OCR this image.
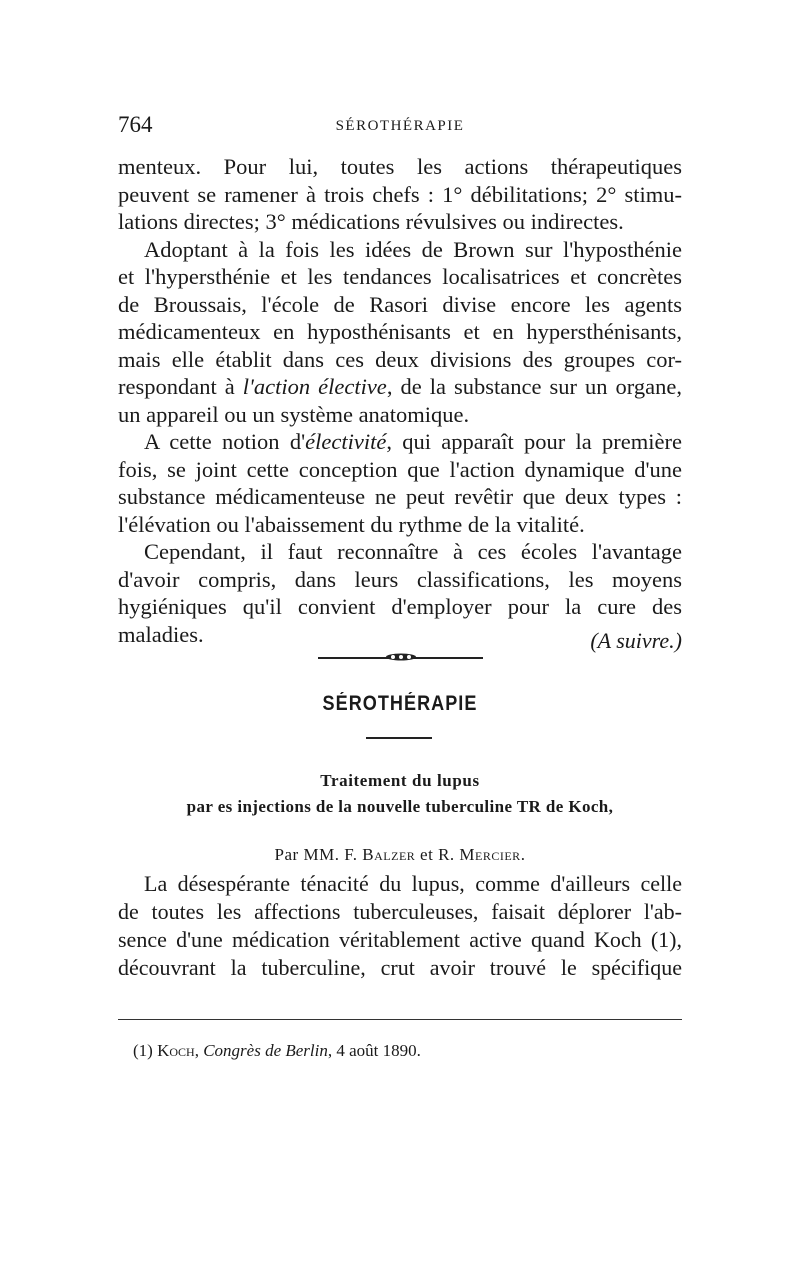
764	SÉROTHÉRAPIE
menteux. Pour lui, toutes les actions thérapeutiques
peuvent se ramener à trois chefs : 1° débilitations; 2° stimu-
lations directes; 3° médications révulsives ou indirectes.
Adoptant à la fois les idées de Brown sur l'hyposthénie
et l'hypersthénie et les tendances localisatrices et concrètes
de Broussais, l'école de Rasori divise encore les agents
médicamenteux en hyposthénisants et en hypersthénisants,
mais elle établit dans ces deux divisions des groupes cor-
respondant à l'action élective, de la substance sur un organe,
un appareil ou un système anatomique.
A cette notion d'électivité, qui apparaît pour la première
fois, se joint cette conception que l'action dynamique d'une
substance médicamenteuse ne peut revêtir que deux types :
l'élévation ou l'abaissement du rythme de la vitalité.
Cependant, il faut reconnaître à ces écoles l'avantage
d'avoir compris, dans leurs classifications, les moyens
hygiéniques qu'il convient d'employer pour la cure des
maladies.	(A suivre.)
SÉROTHÉRAPIE
Traitement du lupus
par es injections de la nouvelle tuberculine TR de Koch,
Par MM. F. Balzer et R. Mercier.
La désespérante ténacité du lupus, comme d'ailleurs celle
de toutes les affections tuberculeuses, faisait déplorer l'ab-
sence d'une médication véritablement active quand Koch (1),
découvrant la tuberculine, crut avoir trouvé le spécifique
(1) Koch, Congrès de Berlin, 4 août 1890.
